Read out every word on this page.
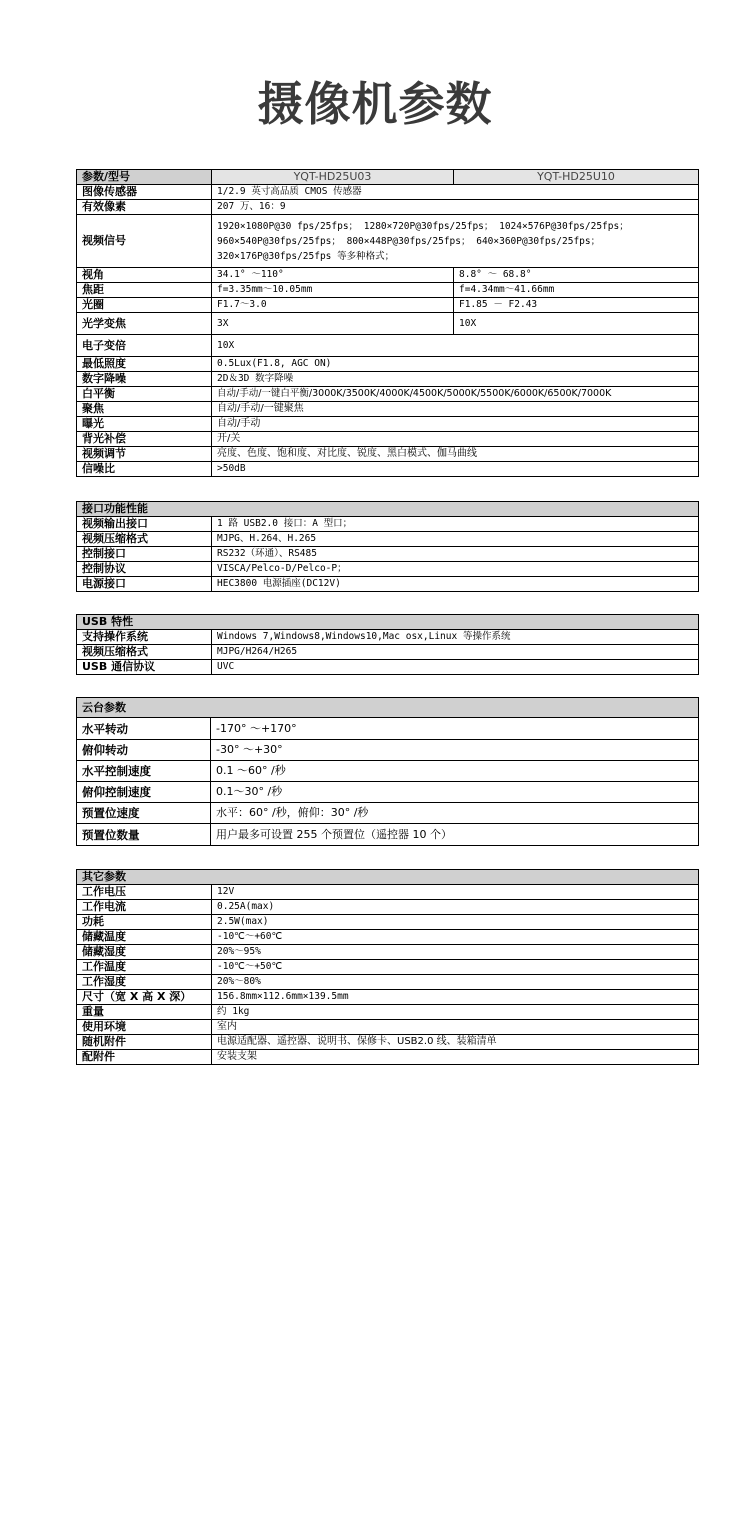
摄像机参数
参数/型号	YQT-HD25U03	YQT-HD25U10
图像传感器	1/2.9 英寸高品质 CMOS 传感器	
有效像素	207 万、16：9	
视频信号	1920×1080P@30 fps/25fps； 1280×720P@30fps/25fps； 1024×576P@30fps/25fps；
960×540P@30fps/25fps； 800×448P@30fps/25fps； 640×360P@30fps/25fps；
320×176P@30fps/25fps 等多种格式；	

视角	34.1° ～110°	8.8° ～ 68.8°
焦距	f=3.35mm～10.05mm	f=4.34mm～41.66mm
光圈	F1.7～3.0	F1.85 － F2.43
光学变焦	3X	10X
电子变倍	10X	
最低照度	0.5Lux(F1.8, AGC ON)	
数字降噪	2D＆3D 数字降噪	
白平衡	自动/手动/一键白平衡/3000K/3500K/4000K/4500K/5000K/5500K/6000K/6500K/7000K	
聚焦	自动/手动/一键聚焦	
曝光	自动/手动	
背光补偿	开/关	
视频调节	亮度、色度、饱和度、对比度、锐度、黑白模式、伽马曲线	
信噪比	>50dB	
接口功能性能	
视频输出接口	1 路 USB2.0 接口：A 型口；
视频压缩格式	MJPG、H.264、H.265
控制接口	RS232（环通）、RS485
控制协议	VISCA/Pelco-D/Pelco-P；
电源接口	HEC3800 电源插座(DC12V)
USB 特性	
支持操作系统	Windows 7,Windows8,Windows10,Mac osx,Linux 等操作系统
视频压缩格式	MJPG/H264/H265
USB 通信协议	UVC
云台参数	
水平转动	-170° ～+170°
俯仰转动	-30° ～+30°
水平控制速度	0.1 ～60° /秒
俯仰控制速度	0.1～30° /秒
预置位速度	水平：60° /秒，俯仰：30° /秒
预置位数量	用户最多可设置 255 个预置位（遥控器 10 个）
其它参数	
工作电压	12V
工作电流	0.25A(max)
功耗	2.5W(max)
储藏温度	-10℃～+60℃
储藏湿度	20%～95%
工作温度	-10℃～+50℃
工作湿度	20%～80%
尺寸（宽 X 高 X 深）	156.8mm×112.6mm×139.5mm
重量	约 1kg
使用环境	室内
随机附件	电源适配器、遥控器、说明书、保修卡、USB2.0 线、装箱清单
配附件	安装支架
